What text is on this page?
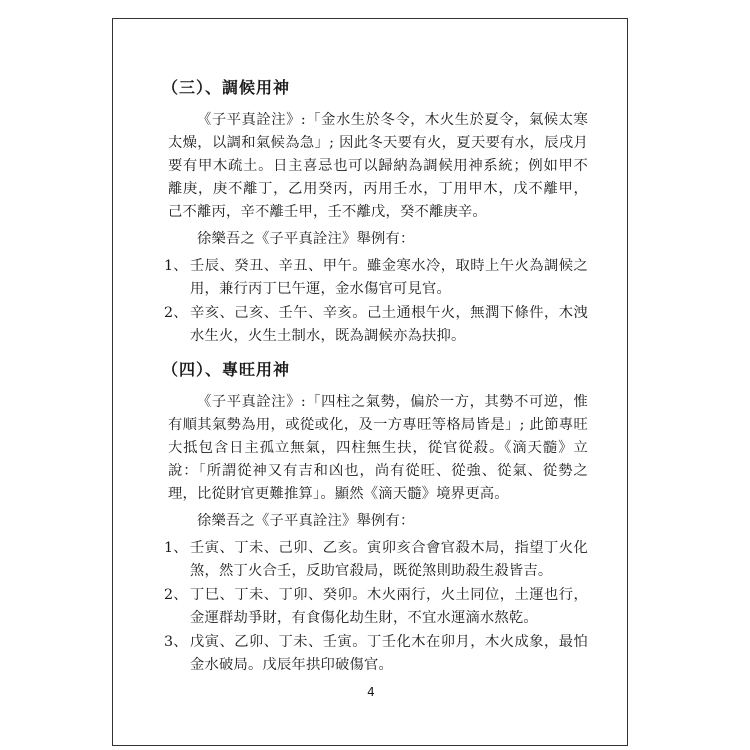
（三）、調候用神

《子平真詮注》:「金水生於冬令，木火生於夏令，氣候太寒太燥，以調和氣候為急」; 因此冬天要有火，夏天要有水，辰戌月要有甲木疏土。日主喜忌也可以歸納為調候用神系統；例如甲不離庚，庚不離丁，乙用癸丙，丙用壬水，丁用甲木，戊不離甲，己不離丙，辛不離壬甲，壬不離戊，癸不離庚辛。

徐樂吾之《子平真詮注》舉例有：

1、 壬辰、癸丑、辛丑、甲午。雖金寒水冷，取時上午火為調候之用，兼行丙丁巳午運，金水傷官可見官。
2、 辛亥、己亥、壬午、辛亥。己土通根午火，無潤下條件，木洩水生火，火生土制水，既為調候亦為扶抑。
（四）、專旺用神

《子平真詮注》:「四柱之氣勢，偏於一方，其勢不可逆，惟有順其氣勢為用，或從或化，及一方專旺等格局皆是」; 此節專旺大抵包含日主孤立無氣，四柱無生扶，從官從殺。《滴天髓》立說：「所謂從神又有吉和凶也，尚有從旺、從強、從氣、從勢之理，比從財官更難推算」。顯然《滴天髓》境界更高。

徐樂吾之《子平真詮注》舉例有：

1、 壬寅、丁未、己卯、乙亥。寅卯亥合會官殺木局，指望丁火化煞，然丁火合壬，反助官殺局，既從煞則助殺生殺皆吉。
2、 丁巳、丁未、丁卯、癸卯。木火兩行，火土同位，土運也行，金運群劫爭財，有食傷化劫生財，不宜水運滴水熬乾。
3、 戊寅、乙卯、丁未、壬寅。丁壬化木在卯月，木火成象，最怕金水破局。戊辰年拱印破傷官。
4
